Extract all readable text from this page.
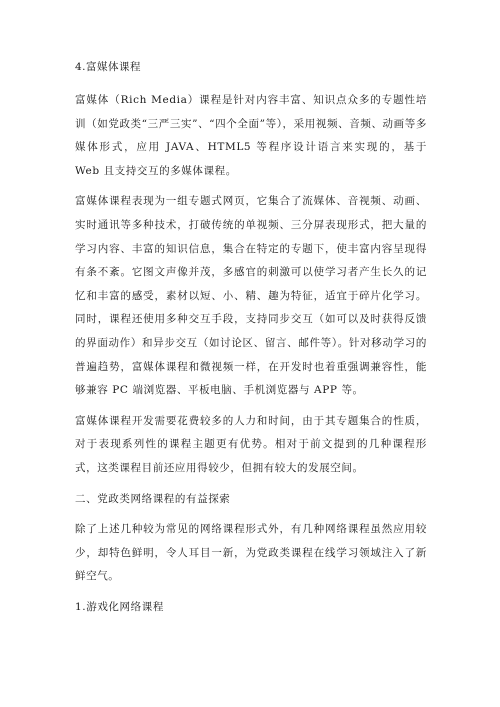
4.富媒体课程

富媒体（Rich Media）课程是针对内容丰富、知识点众多的专题性培训（如党政类“三严三实”、“四个全面”等），采用视频、音频、动画等多媒体形式，应用 JAVA、HTML5 等程序设计语言来实现的，基于 Web 且支持交互的多媒体课程。

富媒体课程表现为一组专题式网页，它集合了流媒体、音视频、动画、实时通讯等多种技术，打破传统的单视频、三分屏表现形式，把大量的学习内容、丰富的知识信息，集合在特定的专题下，使丰富内容呈现得有条不紊。它图文声像并茂，多感官的刺激可以使学习者产生长久的记忆和丰富的感受，素材以短、小、精、趣为特征，适宜于碎片化学习。同时，课程还使用多种交互手段，支持同步交互（如可以及时获得反馈的界面动作）和异步交互（如讨论区、留言、邮件等）。针对移动学习的普遍趋势，富媒体课程和微视频一样，在开发时也着重强调兼容性，能够兼容 PC 端浏览器、平板电脑、手机浏览器与 APP 等。

富媒体课程开发需要花费较多的人力和时间，由于其专题集合的性质，对于表现系列性的课程主题更有优势。相对于前文提到的几种课程形式，这类课程目前还应用得较少，但拥有较大的发展空间。

二、党政类网络课程的有益探索

除了上述几种较为常见的网络课程形式外，有几种网络课程虽然应用较少，却特色鲜明，令人耳目一新，为党政类课程在线学习领域注入了新鲜空气。

1.游戏化网络课程
